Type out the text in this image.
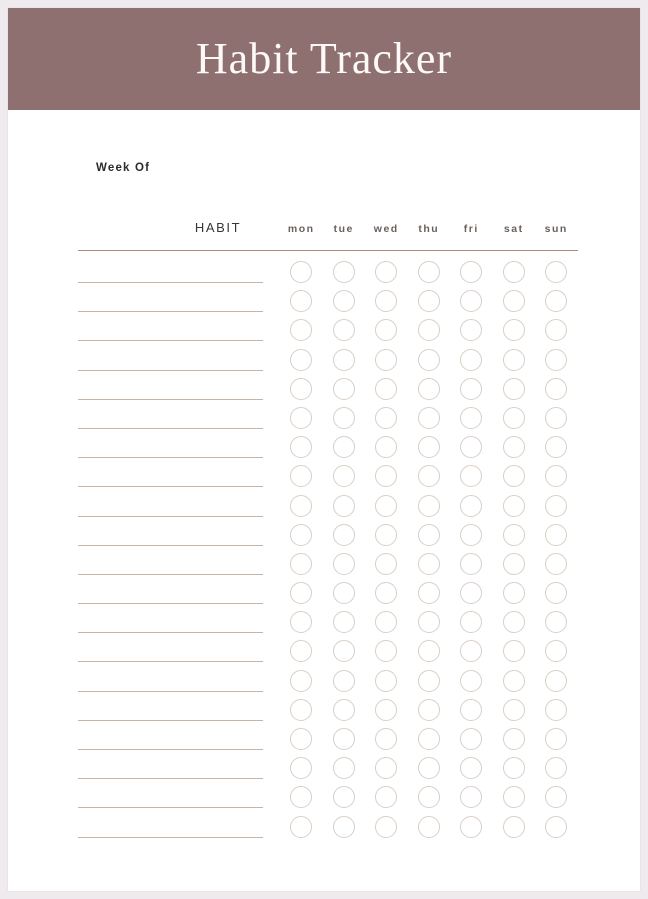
Habit Tracker
Week Of
HABIT	mon	tue	wed	thu	fri	sat	sun
